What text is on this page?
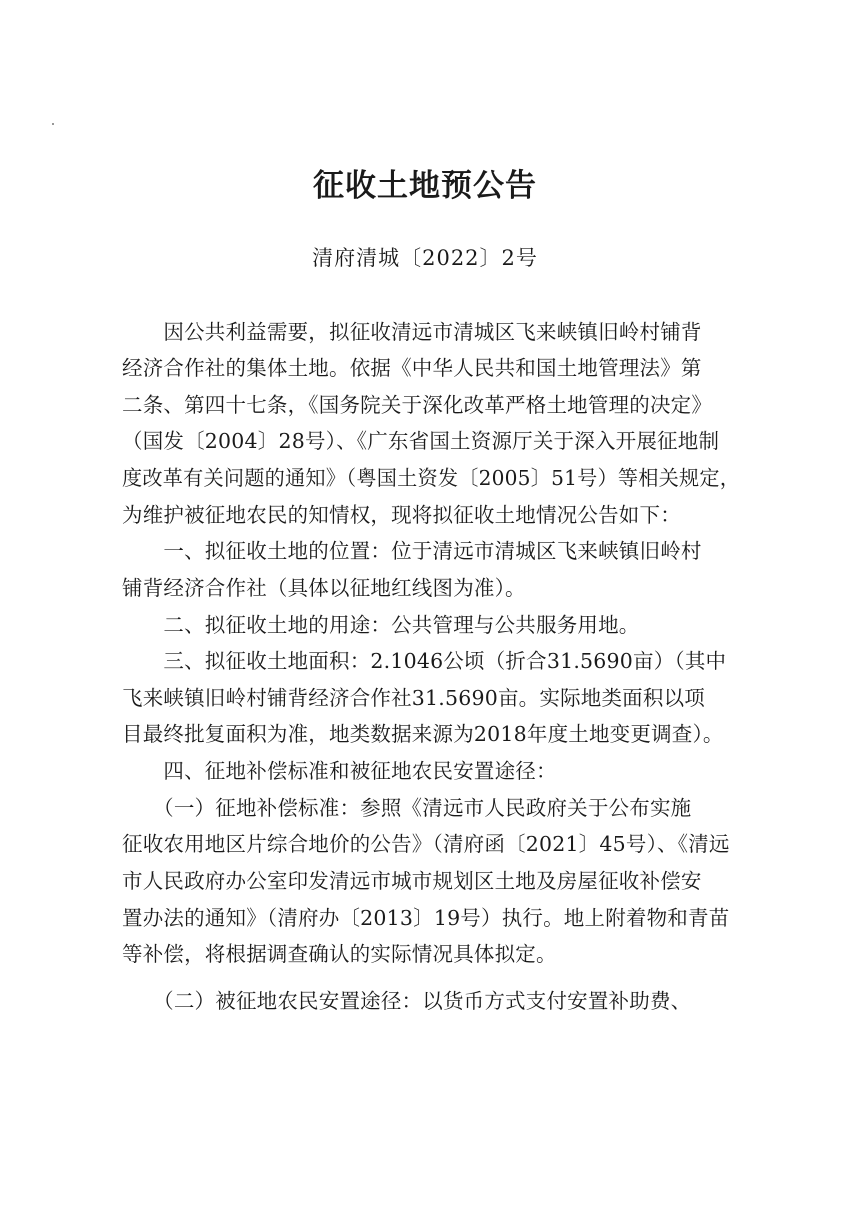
征收土地预公告
清府清城〔2022〕2号
　　因公共利益需要，拟征收清远市清城区飞来峡镇旧岭村铺背
经济合作社的集体土地。依据《中华人民共和国土地管理法》第
二条、第四十七条，《国务院关于深化改革严格土地管理的决定》
（国发〔2004〕28号）、《广东省国土资源厅关于深入开展征地制
度改革有关问题的通知》（粤国土资发〔2005〕51号）等相关规定，
为维护被征地农民的知情权，现将拟征收土地情况公告如下：
　　一、拟征收土地的位置：位于清远市清城区飞来峡镇旧岭村
铺背经济合作社（具体以征地红线图为准）。
　　二、拟征收土地的用途：公共管理与公共服务用地。
　　三、拟征收土地面积：2.1046公顷（折合31.5690亩）（其中
飞来峡镇旧岭村铺背经济合作社31.5690亩。实际地类面积以项
目最终批复面积为准，地类数据来源为2018年度土地变更调查）。
　　四、征地补偿标准和被征地农民安置途径：
　　（一）征地补偿标准：参照《清远市人民政府关于公布实施
征收农用地区片综合地价的公告》（清府函〔2021〕45号）、《清远
市人民政府办公室印发清远市城市规划区土地及房屋征收补偿安
置办法的通知》（清府办〔2013〕19号）执行。地上附着物和青苗
等补偿，将根据调查确认的实际情况具体拟定。
　　（二）被征地农民安置途径：以货币方式支付安置补助费、
